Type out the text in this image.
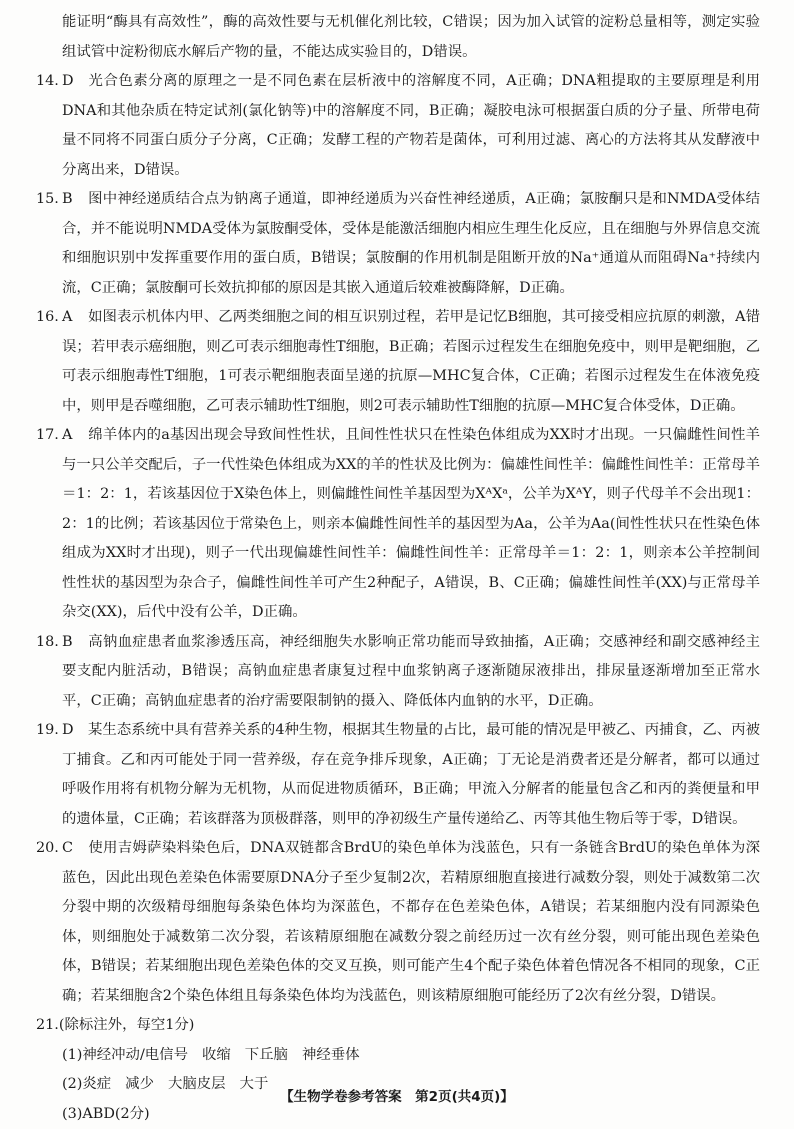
能证明“酶具有高效性”，酶的高效性要与无机催化剂比较，C错误；因为加入试管的淀粉总量相等，测定实验组试管中淀粉彻底水解后产物的量，不能达成实验目的，D错误。

14. D 光合色素分离的原理之一是不同色素在层析液中的溶解度不同，A正确；DNA粗提取的主要原理是利用DNA和其他杂质在特定试剂(氯化钠等)中的溶解度不同，B正确；凝胶电泳可根据蛋白质的分子量、所带电荷量不同将不同蛋白质分子分离，C正确；发酵工程的产物若是菌体，可利用过滤、离心的方法将其从发酵液中分离出来，D错误。

15. B 图中神经递质结合点为钠离子通道，即神经递质为兴奋性神经递质，A正确；氯胺酮只是和NMDA受体结合，并不能说明NMDA受体为氯胺酮受体，受体是能激活细胞内相应生理生化反应，且在细胞与外界信息交流和细胞识别中发挥重要作用的蛋白质，B错误；氯胺酮的作用机制是阻断开放的Na⁺通道从而阻碍Na⁺持续内流，C正确；氯胺酮可长效抗抑郁的原因是其嵌入通道后较难被酶降解，D正确。

16. A 如图表示机体内甲、乙两类细胞之间的相互识别过程，若甲是记忆B细胞，其可接受相应抗原的刺激，A错误；若甲表示癌细胞，则乙可表示细胞毒性T细胞，B正确；若图示过程发生在细胞免疫中，则甲是靶细胞，乙可表示细胞毒性T细胞，1可表示靶细胞表面呈递的抗原—MHC复合体，C正确；若图示过程发生在体液免疫中，则甲是吞噬细胞，乙可表示辅助性T细胞，则2可表示辅助性T细胞的抗原—MHC复合体受体，D正确。

17. A 绵羊体内的a基因出现会导致间性性状，且间性性状只在性染色体组成为XX时才出现。一只偏雌性间性羊与一只公羊交配后，子一代性染色体组成为XX的羊的性状及比例为：偏雄性间性羊：偏雌性间性羊：正常母羊＝1：2：1，若该基因位于X染色体上，则偏雌性间性羊基因型为XᴬXᵃ，公羊为XᴬY，则子代母羊不会出现1：2：1的比例；若该基因位于常染色上，则亲本偏雌性间性羊的基因型为Aa，公羊为Aa(间性性状只在性染色体组成为XX时才出现)，则子一代出现偏雄性间性羊：偏雌性间性羊：正常母羊＝1：2：1，则亲本公羊控制间性性状的基因型为杂合子，偏雌性间性羊可产生2种配子，A错误，B、C正确；偏雄性间性羊(XX)与正常母羊杂交(XX)，后代中没有公羊，D正确。

18. B 高钠血症患者血浆渗透压高，神经细胞失水影响正常功能而导致抽搐，A正确；交感神经和副交感神经主要支配内脏活动，B错误；高钠血症患者康复过程中血浆钠离子逐渐随尿液排出，排尿量逐渐增加至正常水平，C正确；高钠血症患者的治疗需要限制钠的摄入、降低体内血钠的水平，D正确。

19. D 某生态系统中具有营养关系的4种生物，根据其生物量的占比，最可能的情况是甲被乙、丙捕食，乙、丙被丁捕食。乙和丙可能处于同一营养级，存在竞争排斥现象，A正确；丁无论是消费者还是分解者，都可以通过呼吸作用将有机物分解为无机物，从而促进物质循环，B正确；甲流入分解者的能量包含乙和丙的粪便量和甲的遗体量，C正确；若该群落为顶极群落，则甲的净初级生产量传递给乙、丙等其他生物后等于零，D错误。

20. C 使用吉姆萨染料染色后，DNA双链都含BrdU的染色单体为浅蓝色，只有一条链含BrdU的染色单体为深蓝色，因此出现色差染色体需要原DNA分子至少复制2次，若精原细胞直接进行减数分裂，则处于减数第二次分裂中期的次级精母细胞每条染色体均为深蓝色，不都存在色差染色体，A错误；若某细胞内没有同源染色体，则细胞处于减数第二次分裂，若该精原细胞在减数分裂之前经历过一次有丝分裂，则可能出现色差染色体，B错误；若某细胞出现色差染色体的交叉互换，则可能产生4个配子染色体着色情况各不相同的现象，C正确；若某细胞含2个染色体组且每条染色体均为浅蓝色，则该精原细胞可能经历了2次有丝分裂，D错误。

21.(除标注外，每空1分)

(1)神经冲动/电信号 收缩 下丘脑 神经垂体
(2)炎症 减少 大脑皮层 大于
(3)ABD(2分)
【生物学卷参考答案　第2页(共4页)】
